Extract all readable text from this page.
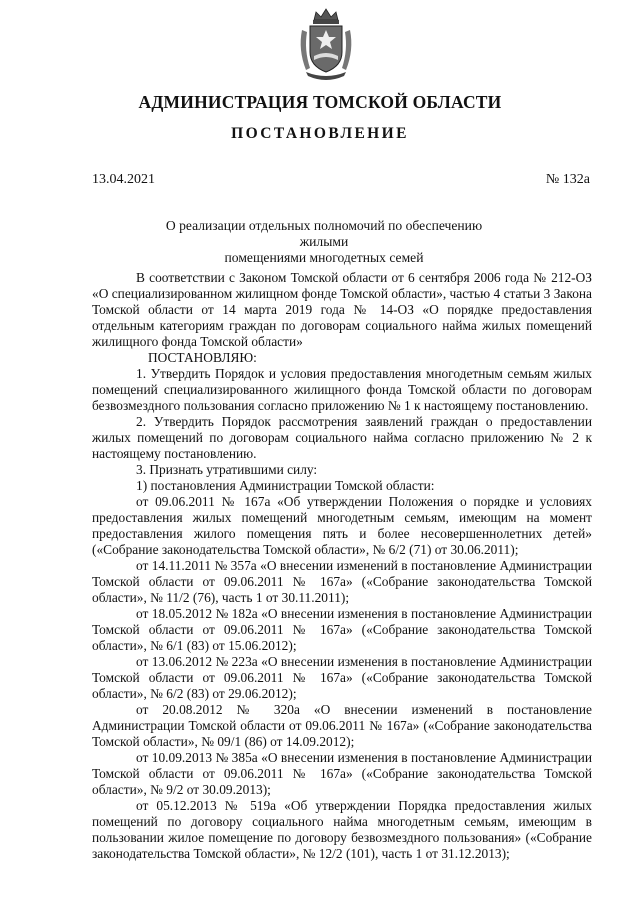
АДМИНИСТРАЦИЯ ТОМСКОЙ ОБЛАСТИ
ПОСТАНОВЛЕНИЕ
13.04.2021	№ 132а
О реализации отдельных полномочий по обеспечению жилыми
помещениями многодетных семей

В соответствии с Законом Томской области от 6 сентября 2006 года № 212-ОЗ «О специализированном жилищном фонде Томской области», частью 4 статьи 3 Закона Томской области от 14 марта 2019 года № 14-ОЗ «О порядке предоставления отдельным категориям граждан по договорам социального найма жилых помещений жилищного фонда Томской области»

ПОСТАНОВЛЯЮ:

1. Утвердить Порядок и условия предоставления многодетным семьям жилых помещений специализированного жилищного фонда Томской области по договорам безвозмездного пользования согласно приложению № 1 к настоящему постановлению.

2. Утвердить Порядок рассмотрения заявлений граждан о предоставлении жилых помещений по договорам социального найма согласно приложению № 2 к настоящему постановлению.

3. Признать утратившими силу:

1) постановления Администрации Томской области:

от 09.06.2011 № 167а «Об утверждении Положения о порядке и условиях предоставления жилых помещений многодетным семьям, имеющим на момент предоставления жилого помещения пять и более несовершеннолетних детей» («Собрание законодательства Томской области», № 6/2 (71) от 30.06.2011);

от 14.11.2011 № 357а «О внесении изменений в постановление Администрации Томской области от 09.06.2011 № 167а» («Собрание законодательства Томской области», № 11/2 (76), часть 1 от 30.11.2011);

от 18.05.2012 № 182а «О внесении изменения в постановление Администрации Томской области от 09.06.2011 № 167а» («Собрание законодательства Томской области», № 6/1 (83) от 15.06.2012);

от 13.06.2012 № 223а «О внесении изменения в постановление Администрации Томской области от 09.06.2011 № 167а» («Собрание законодательства Томской области», № 6/2 (83) от 29.06.2012);

от 20.08.2012 № 320а «О внесении изменений в постановление Администрации Томской области от 09.06.2011 № 167а» («Собрание законодательства Томской области», № 09/1 (86) от 14.09.2012);

от 10.09.2013 № 385а «О внесении изменения в постановление Администрации Томской области от 09.06.2011 № 167а» («Собрание законодательства Томской области», № 9/2 от 30.09.2013);

от 05.12.2013 № 519а «Об утверждении Порядка предоставления жилых помещений по договору социального найма многодетным семьям, имеющим в пользовании жилое помещение по договору безвозмездного пользования» («Собрание законодательства Томской области», № 12/2 (101), часть 1 от 31.12.2013);
